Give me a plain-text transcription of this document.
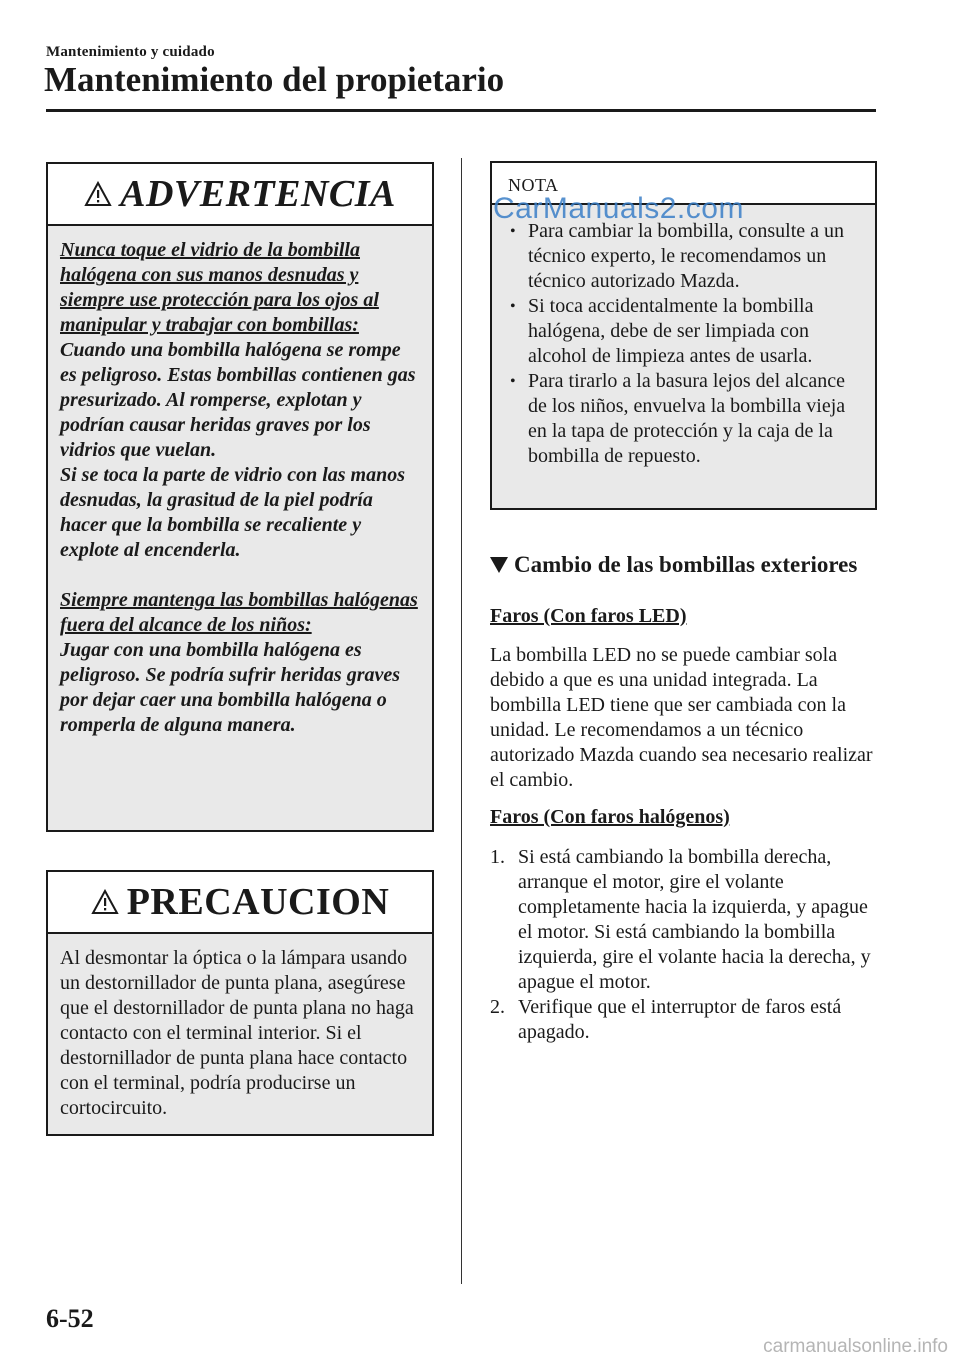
Mantenimiento y cuidado
Mantenimiento del propietario
ADVERTENCIA

Nunca toque el vidrio de la bombilla halógena con sus manos desnudas y siempre use protección para los ojos al manipular y trabajar con bombillas:
Cuando una bombilla halógena se rompe es peligroso. Estas bombillas contienen gas presurizado. Al romperse, explotan y podrían causar heridas graves por los vidrios que vuelan.
Si se toca la parte de vidrio con las manos desnudas, la grasitud de la piel podría hacer que la bombilla se recaliente y explote al encenderla.

Siempre mantenga las bombillas halógenas fuera del alcance de los niños:
Jugar con una bombilla halógena es peligroso. Se podría sufrir heridas graves por dejar caer una bombilla halógena o romperla de alguna manera.

PRECAUCION

Al desmontar la óptica o la lámpara usando un destornillador de punta plana, asegúrese que el destornillador de punta plana no haga contacto con el terminal interior. Si el destornillador de punta plana hace contacto con el terminal, podría producirse un cortocircuito.

NOTA
• Para cambiar la bombilla, consulte a un técnico experto, le recomendamos un técnico autorizado Mazda.
• Si toca accidentalmente la bombilla halógena, debe de ser limpiada con alcohol de limpieza antes de usarla.
• Para tirarlo a la basura lejos del alcance de los niños, envuelva la bombilla vieja en la tapa de protección y la caja de la bombilla de repuesto.
CarManuals2.com
Cambio de las bombillas exteriores
Faros (Con faros LED)

La bombilla LED no se puede cambiar sola debido a que es una unidad integrada. La bombilla LED tiene que ser cambiada con la unidad. Le recomendamos a un técnico autorizado Mazda cuando sea necesario realizar el cambio.

Faros (Con faros halógenos)
1. Si está cambiando la bombilla derecha, arranque el motor, gire el volante completamente hacia la izquierda, y apague el motor. Si está cambiando la bombilla izquierda, gire el volante hacia la derecha, y apague el motor.
2. Verifique que el interruptor de faros está apagado.
6-52
carmanualsonline.info
